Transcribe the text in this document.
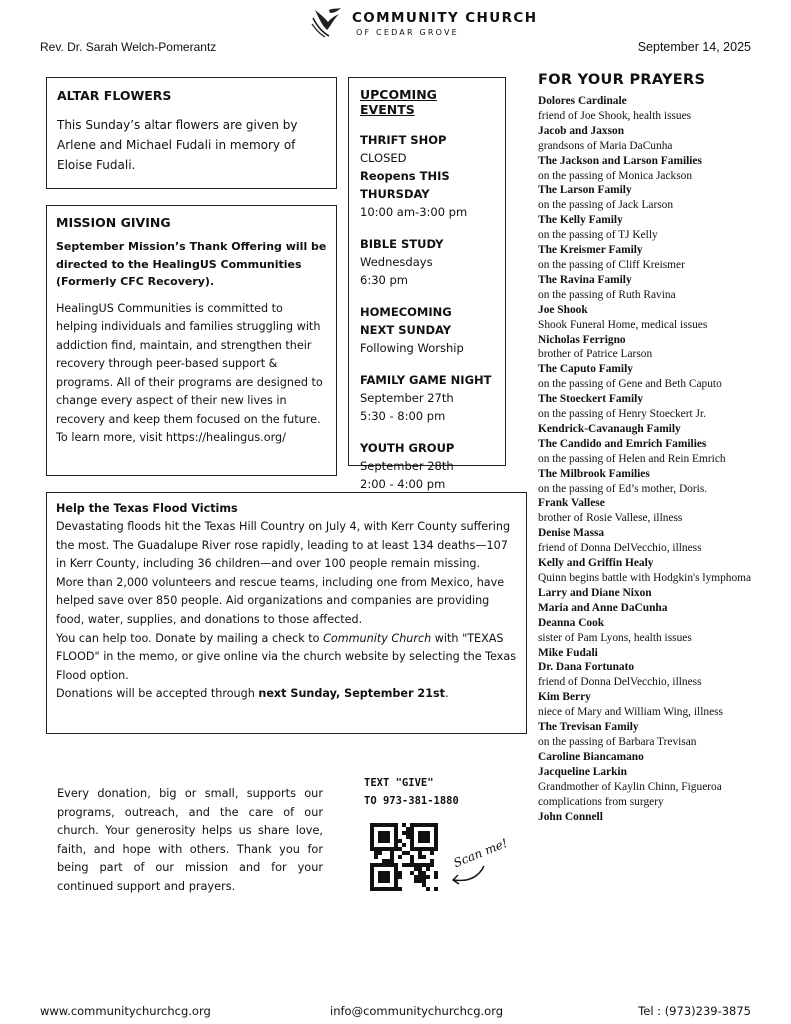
COMMUNITY CHURCH
OF CEDAR GROVE
Rev. Dr. Sarah Welch-Pomerantz	September 14, 2025
ALTAR FLOWERS

This Sunday’s altar flowers are given by Arlene and Michael Fudali in memory of Eloise Fudali.

MISSION GIVING

September Mission’s Thank Offering will be directed to the HealingUS Communities (Formerly CFC Recovery).

HealingUS Communities is committed to helping individuals and families struggling with addiction find, maintain, and strengthen their recovery through peer-based support & programs. All of their programs are designed to change every aspect of their new lives in recovery and keep them focused on the future. To learn more, visit https://healingus.org/

UPCOMING EVENTS
THRIFT SHOP
CLOSED
Reopens THIS THURSDAY
10:00 am-3:00 pm
BIBLE STUDY
Wednesdays
6:30 pm
HOMECOMING
NEXT SUNDAY
Following Worship
FAMILY GAME NIGHT
September 27th
5:30 - 8:00 pm
YOUTH GROUP
September 28th
2:00 - 4:00 pm
FOR YOUR PRAYERS
Dolores Cardinale
friend of Joe Shook, health issues
Jacob and Jaxson
grandsons of Maria DaCunha
The Jackson and Larson Families
on the passing of Monica Jackson
The Larson Family
on the passing of Jack Larson
The Kelly Family
on the passing of TJ Kelly
The Kreismer Family
on the passing of Cliff Kreismer
The Ravina Family
on the passing of Ruth Ravina
Joe Shook
Shook Funeral Home, medical issues
Nicholas Ferrigno
brother of Patrice Larson
The Caputo Family
on the passing of Gene and Beth Caputo
The Stoeckert Family
on the passing of Henry Stoeckert Jr.
Kendrick-Cavanaugh Family
The Candido and Emrich Families
on the passing of Helen and Rein Emrich
The Milbrook Families
on the passing of Ed’s mother, Doris.
Frank Vallese
brother of Rosie Vallese, illness
Denise Massa
friend of Donna DelVecchio, illness
Kelly and Griffin Healy
Quinn begins battle with Hodgkin's lymphoma
Larry and Diane Nixon
Maria and Anne DaCunha
Deanna Cook
sister of Pam Lyons, health issues
Mike Fudali
Dr. Dana Fortunato
friend of Donna DelVecchio, illness
Kim Berry
niece of Mary and William Wing, illness
The Trevisan Family
on the passing of Barbara Trevisan
Caroline Biancamano
Jacqueline Larkin
Grandmother of Kaylin Chinn, Figueroa complications from surgery
John Connell
Help the Texas Flood Victims

Devastating floods hit the Texas Hill Country on July 4, with Kerr County suffering the most. The Guadalupe River rose rapidly, leading to at least 134 deaths—107 in Kerr County, including 36 children—and over 100 people remain missing.

More than 2,000 volunteers and rescue teams, including one from Mexico, have helped save over 850 people. Aid organizations and companies are providing food, water, supplies, and donations to those affected.

You can help too. Donate by mailing a check to Community Church with "TEXAS FLOOD" in the memo, or give online via the church website by selecting the Texas Flood option.

Donations will be accepted through next Sunday, September 21st.

Every donation, big or small, supports our programs, outreach, and the care of our church. Your generosity helps us share love, faith, and hope with others. Thank you for being part of our mission and for your continued support and prayers.
TEXT "GIVE"
TO 973-381-1880
Scan me!
www.communitychurchcg.org	info@communitychurchcg.org	Tel : (973)239-3875
